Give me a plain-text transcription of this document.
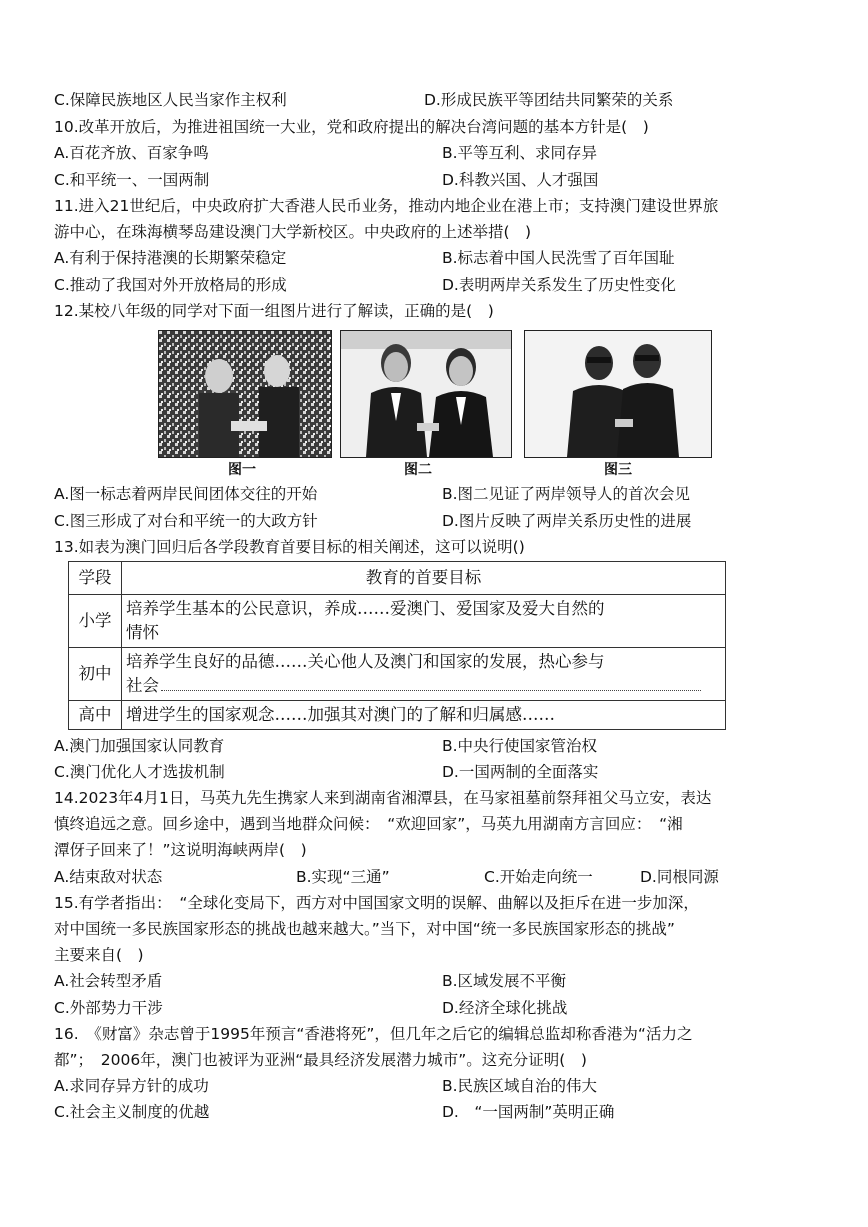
C.保障民族地区人民当家作主权利	D.形成民族平等团结共同繁荣的关系
10.改革开放后，为推进祖国统一大业，党和政府提出的解决台湾问题的基本方针是(　)
A.百花齐放、百家争鸣	B.平等互利、求同存异
C.和平统一、一国两制	D.科教兴国、人才强国
11.进入21世纪后，中央政府扩大香港人民币业务，推动内地企业在港上市；支持澳门建设世界旅
游中心，在珠海横琴岛建设澳门大学新校区。中央政府的上述举措(　)
A.有利于保持港澳的长期繁荣稳定	B.标志着中国人民洗雪了百年国耻
C.推动了我国对外开放格局的形成	D.表明两岸关系发生了历史性变化
12.某校八年级的同学对下面一组图片进行了解读，正确的是(　)
图一	图二	图三
A.图一标志着两岸民间团体交往的开始	B.图二见证了两岸领导人的首次会见
C.图三形成了对台和平统一的大政方针	D.图片反映了两岸关系历史性的进展
13.如表为澳门回归后各学段教育首要目标的相关阐述，这可以说明()
学段	教育的首要目标
小学	培养学生基本的公民意识，养成……爱澳门、爱国家及爱大自然的
情怀

初中	培养学生良好的品德……关心他人及澳门和国家的发展，热心参与
社会

高中	增进学生的国家观念……加强其对澳门的了解和归属感……
A.澳门加强国家认同教育	B.中央行使国家管治权
C.澳门优化人才选拔机制	D.一国两制的全面落实
14.2023年4月1日，马英九先生携家人来到湖南省湘潭县，在马家祖墓前祭拜祖父马立安，表达
慎终追远之意。回乡途中，遇到当地群众问候：　“欢迎回家”，马英九用湖南方言回应：　“湘
潭伢子回来了！”这说明海峡两岸(　)
A.结束敌对状态	B.实现“三通”	C.开始走向统一	D.同根同源
15.有学者指出：　“全球化变局下，西方对中国国家文明的误解、曲解以及拒斥在进一步加深，
对中国统一多民族国家形态的挑战也越来越大。”当下，对中国“统一多民族国家形态的挑战”
主要来自(　)
A.社会转型矛盾	B.区域发展不平衡
C.外部势力干涉	D.经济全球化挑战
16.　《财富》杂志曾于1995年预言“香港将死”，但几年之后它的编辑总监却称香港为“活力之
都”；　2006年，澳门也被评为亚洲“最具经济发展潜力城市”。这充分证明(　)
A.求同存异方针的成功	B.民族区域自治的伟大
C.社会主义制度的优越	D.　“一国两制”英明正确
